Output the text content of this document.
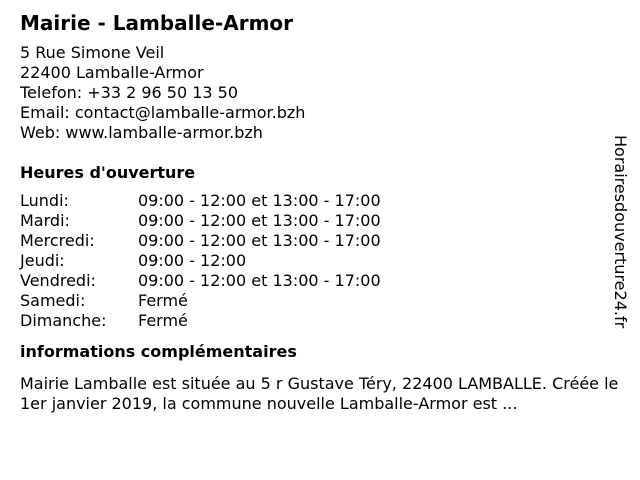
Mairie - Lamballe-Armor
5 Rue Simone Veil
22400 Lamballe-Armor
Telefon: +33 2 96 50 13 50
Email: contact@lamballe-armor.bzh
Web: www.lamballe-armor.bzh
Heures d'ouverture
Lundi:	09:00 - 12:00 et 13:00 - 17:00
Mardi:	09:00 - 12:00 et 13:00 - 17:00
Mercredi:	09:00 - 12:00 et 13:00 - 17:00
Jeudi:	09:00 - 12:00
Vendredi:	09:00 - 12:00 et 13:00 - 17:00
Samedi:	Fermé
Dimanche:	Fermé
informations complémentaires
Mairie Lamballe est située au 5 r Gustave Téry, 22400 LAMBALLE. Créée le 1er janvier 2019, la commune nouvelle Lamballe-Armor est ...
Horairesdouverture24.fr
